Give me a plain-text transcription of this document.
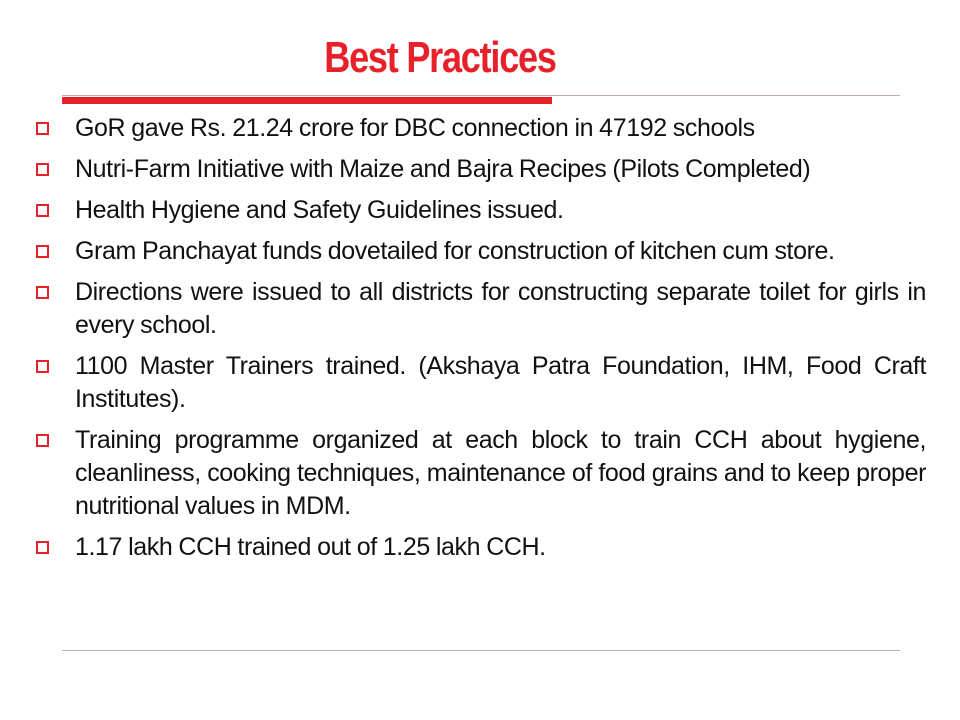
Best Practices
GoR gave Rs. 21.24 crore for DBC connection in 47192 schools
Nutri-Farm Initiative with Maize and Bajra Recipes (Pilots Completed)
Health Hygiene and Safety Guidelines issued.
Gram Panchayat funds dovetailed for construction of kitchen cum store.
Directions were issued to all districts for constructing separate toilet for girls in every school.
1100 Master Trainers trained. (Akshaya Patra Foundation, IHM, Food Craft Institutes).
Training programme organized at each block to train CCH about hygiene, cleanliness, cooking techniques, maintenance of food grains and to keep proper nutritional values in MDM.
1.17 lakh CCH trained out of 1.25 lakh CCH.
